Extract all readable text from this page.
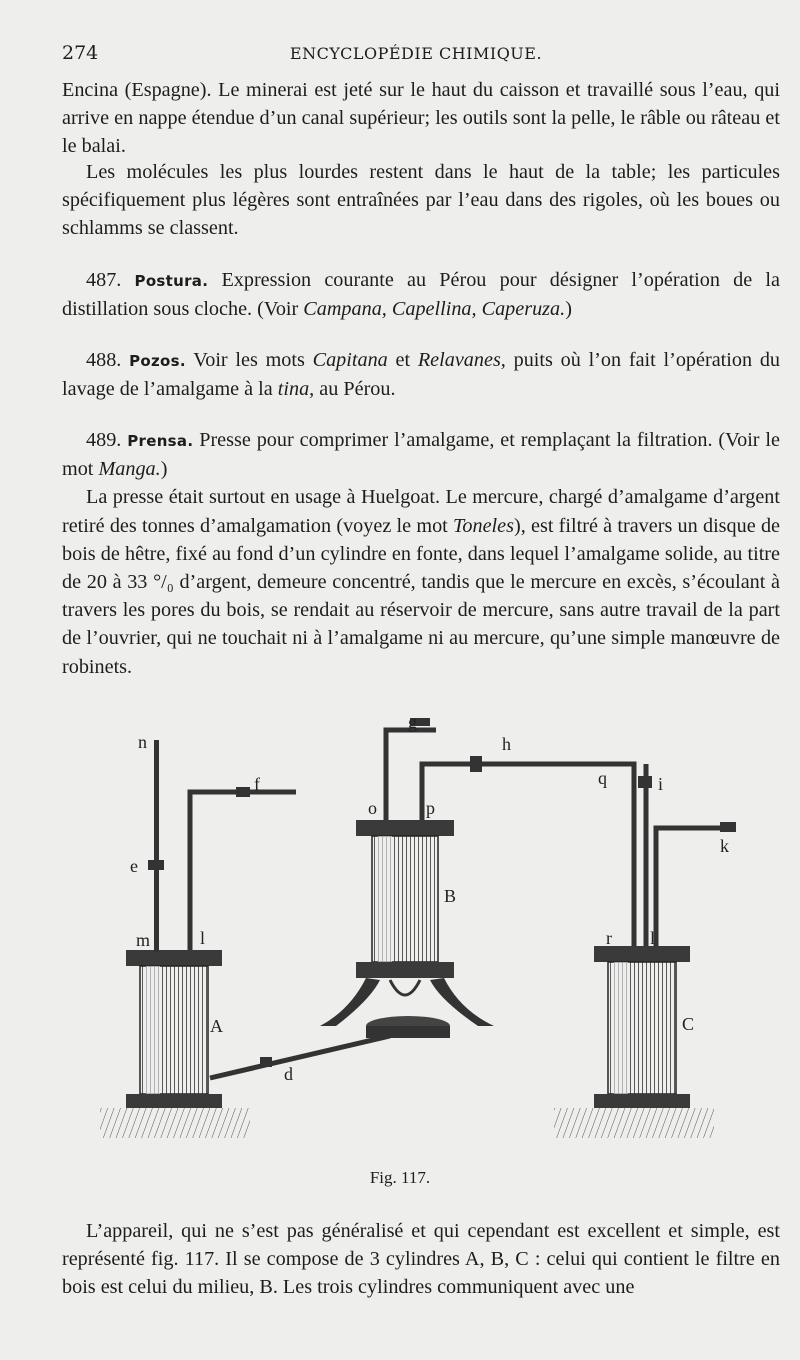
274	ENCYCLOPÉDIE CHIMIQUE.

Encina (Espagne). Le minerai est jeté sur le haut du caisson et travaillé sous l’eau, qui arrive en nappe étendue d’un canal supérieur; les outils sont la pelle, le râble ou râteau et le balai.

Les molécules les plus lourdes restent dans le haut de la table; les particules spécifiquement plus légères sont entraînées par l’eau dans des rigoles, où les boues ou schlamms se classent.

487. Postura. Expression courante au Pérou pour désigner l’opération de la distillation sous cloche. (Voir Campana, Capellina, Caperuza.)

488. Pozos. Voir les mots Capitana et Relavanes, puits où l’on fait l’opération du lavage de l’amalgame à la tina, au Pérou.

489. Prensa. Presse pour comprimer l’amalgame, et remplaçant la filtration. (Voir le mot Manga.)

La presse était surtout en usage à Huelgoat. Le mercure, chargé d’amalgame d’argent retiré des tonnes d’amalgamation (voyez le mot Toneles), est filtré à travers un disque de bois de hêtre, fixé au fond d’un cylindre en fonte, dans lequel l’amalgame solide, au titre de 20 à 33 °/₀ d’argent, demeure concentré, tandis que le mercure en excès, s’écoulant à travers les pores du bois, se rendait au réservoir de mercure, sans autre travail de la part de l’ouvrier, qui ne touchait ni à l’amalgame ni au mercure, qu’une simple manœuvre de robinets.

n
e
m	l
f
A
d
g
o	p
B
h
q	i
k
r l
C
Fig. 117.

L’appareil, qui ne s’est pas généralisé et qui cependant est excellent et simple, est représenté fig. 117. Il se compose de 3 cylindres A, B, C : celui qui contient le filtre en bois est celui du milieu, B. Les trois cylindres communiquent avec une
